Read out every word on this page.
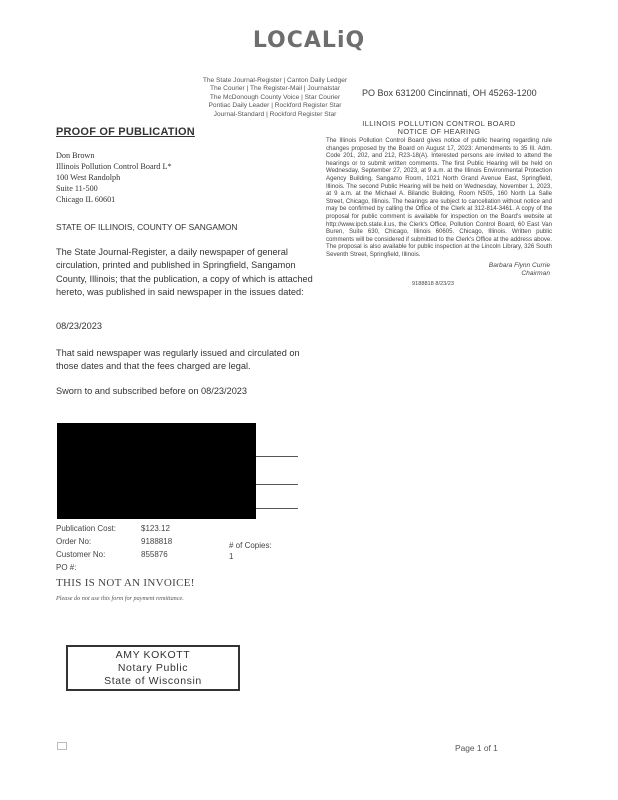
LOCALiQ
The State Journal-Register | Canton Daily Ledger
The Courier | The Register-Mail | Journalstar
The McDonough County Voice | Star Courier
Pontiac Daily Leader | Rockford Register Star
Journal-Standard | Rockford Register Star
PO Box 631200 Cincinnati, OH 45263-1200
PROOF OF PUBLICATION
Don Brown
Illinois Pollution Control Board L*
100 West Randolph
Suite 11-500
Chicago IL 60601
STATE OF ILLINOIS, COUNTY OF SANGAMON
The State Journal-Register, a daily newspaper of general circulation, printed and published in Springfield, Sangamon County, Illinois; that the publication, a copy of which is attached hereto, was published in said newspaper in the issues dated:
08/23/2023
That said newspaper was regularly issued and circulated on those dates and that the fees charged are legal.
Sworn to and subscribed before on 08/23/2023
Publication Cost:	$123.12
Order No:	9188818	# of Copies:
Customer No:	855876	1
PO #:
THIS IS NOT AN INVOICE!
Please do not use this form for payment remittance.
AMY KOKOTT
Notary Public
State of Wisconsin
ILLINOIS POLLUTION CONTROL BOARD
NOTICE OF HEARING
The Illinois Pollution Control Board gives notice of public hearing regarding rule changes proposed by the Board on August 17, 2023: Amendments to 35 Ill. Adm. Code 201, 202, and 212, R23-18(A). Interested persons are invited to attend the hearings or to submit written comments. The first Public Hearing will be held on Wednesday, September 27, 2023, at 9 a.m. at the Illinois Environmental Protection Agency Building, Sangamo Room, 1021 North Grand Avenue East, Springfield, Illinois. The second Public Hearing will be held on Wednesday, November 1, 2023, at 9 a.m. at the Michael A. Bilandic Building, Room N505, 160 North La Salle Street, Chicago, Illinois. The hearings are subject to cancellation without notice and may be confirmed by calling the Office of the Clerk at 312-814-3461. A copy of the proposal for public comment is available for inspection on the Board's website at http://www.ipcb.state.il.us, the Clerk's Office, Pollution Control Board, 60 East Van Buren, Suite 630, Chicago, Illinois 60605. Chicago, Illinois. Written public comments will be considered if submitted to the Clerk's Office at the address above. The proposal is also available for public inspection at the Lincoln Library, 326 South Seventh Street, Springfield, Illinois.
Barbara Flynn Currie
Chairman
9188818 8/23/23
Page 1 of 1
